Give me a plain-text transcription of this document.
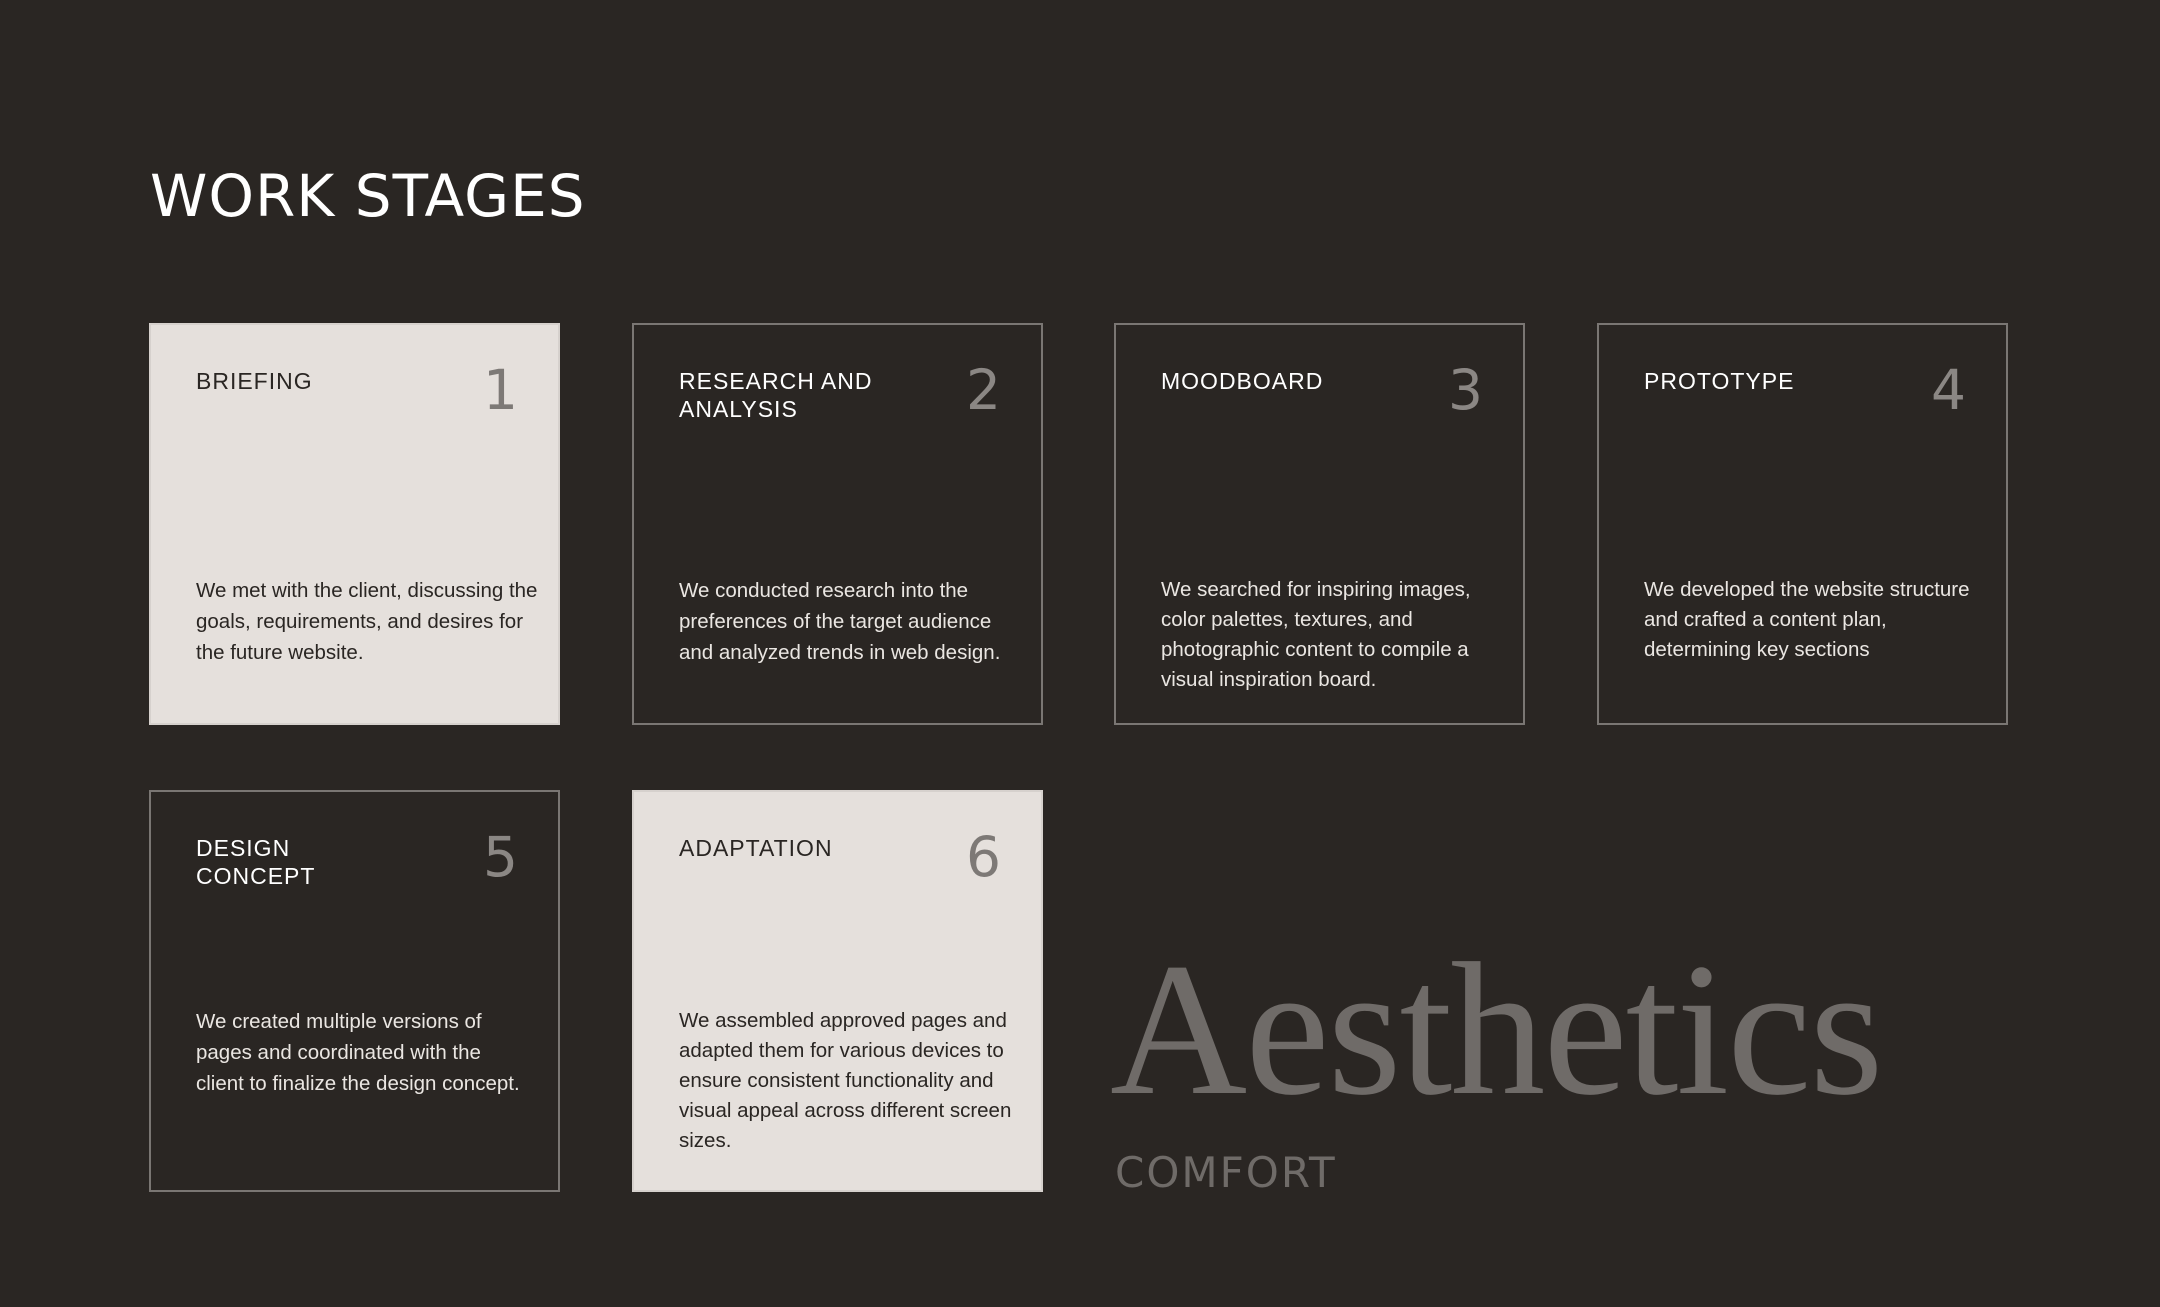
WORK STAGES
BRIEFING	1

We met with the client, discussing the goals, requirements, and desires for the future website.

RESEARCH AND ANALYSIS	2

We conducted research into the preferences of the target audience and analyzed trends in web design.

MOODBOARD	3

We searched for inspiring images, color palettes, textures, and photographic content to compile a visual inspiration board.

PROTOTYPE	4

We developed the website structure and crafted a content plan, determining key sections

DESIGN CONCEPT	5

We created multiple versions of pages and coordinated with the client to finalize the design concept.

ADAPTATION	6

We assembled approved pages and adapted them for various devices to ensure consistent functionality and visual appeal across different screen sizes.

Aesthetics
COMFORT
